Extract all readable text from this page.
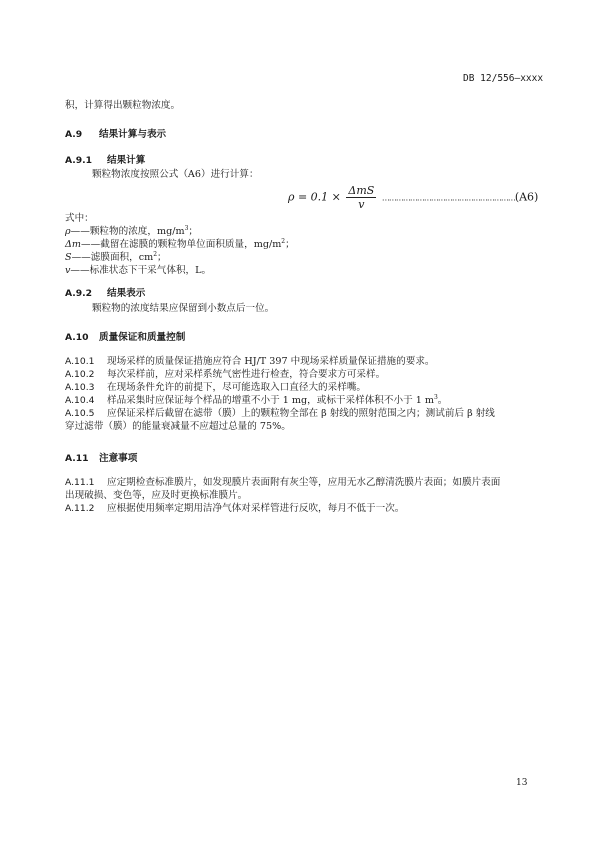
DB 12/556—xxxx
积，计算得出颗粒物浓度。
A.9 结果计算与表示
A.9.1 结果计算
颗粒物浓度按照公式（A6）进行计算：
$\rho = 0.1 \times \frac{\text{ΔmS}}{v}$ …………………………………………………(A6)
式中：
ρ——颗粒物的浓度，$mg/m^3$；
Δm——截留在滤膜的颗粒物单位面积质量，$mg/m^2$；
S——滤膜面积，$cm^2$；
v——标准状态下干采气体积，L。
A.9.2 结果表示
颗粒物的浓度结果应保留到小数点后一位。
A.10 质量保证和质量控制
A.10.1 现场采样的质量保证措施应符合 HJ/T 397 中现场采样质量保证措施的要求。
A.10.2 每次采样前，应对采样系统气密性进行检查，符合要求方可采样。
A.10.3 在现场条件允许的前提下，尽可能选取入口直径大的采样嘴。
A.10.4 样品采集时应保证每个样品的增重不小于 1 mg，或标干采样体积不小于 1 $m^3$。
A.10.5 应保证采样后截留在滤带（膜）上的颗粒物全部在 β 射线的照射范围之内；测试前后 β 射线
穿过滤带（膜）的能量衰减量不应超过总量的 75%。
A.11 注意事项
A.11.1 应定期检查标准膜片，如发现膜片表面附有灰尘等，应用无水乙醇清洗膜片表面；如膜片表面
出现破损、变色等，应及时更换标准膜片。
A.11.2 应根据使用频率定期用洁净气体对采样管进行反吹，每月不低于一次。
13
